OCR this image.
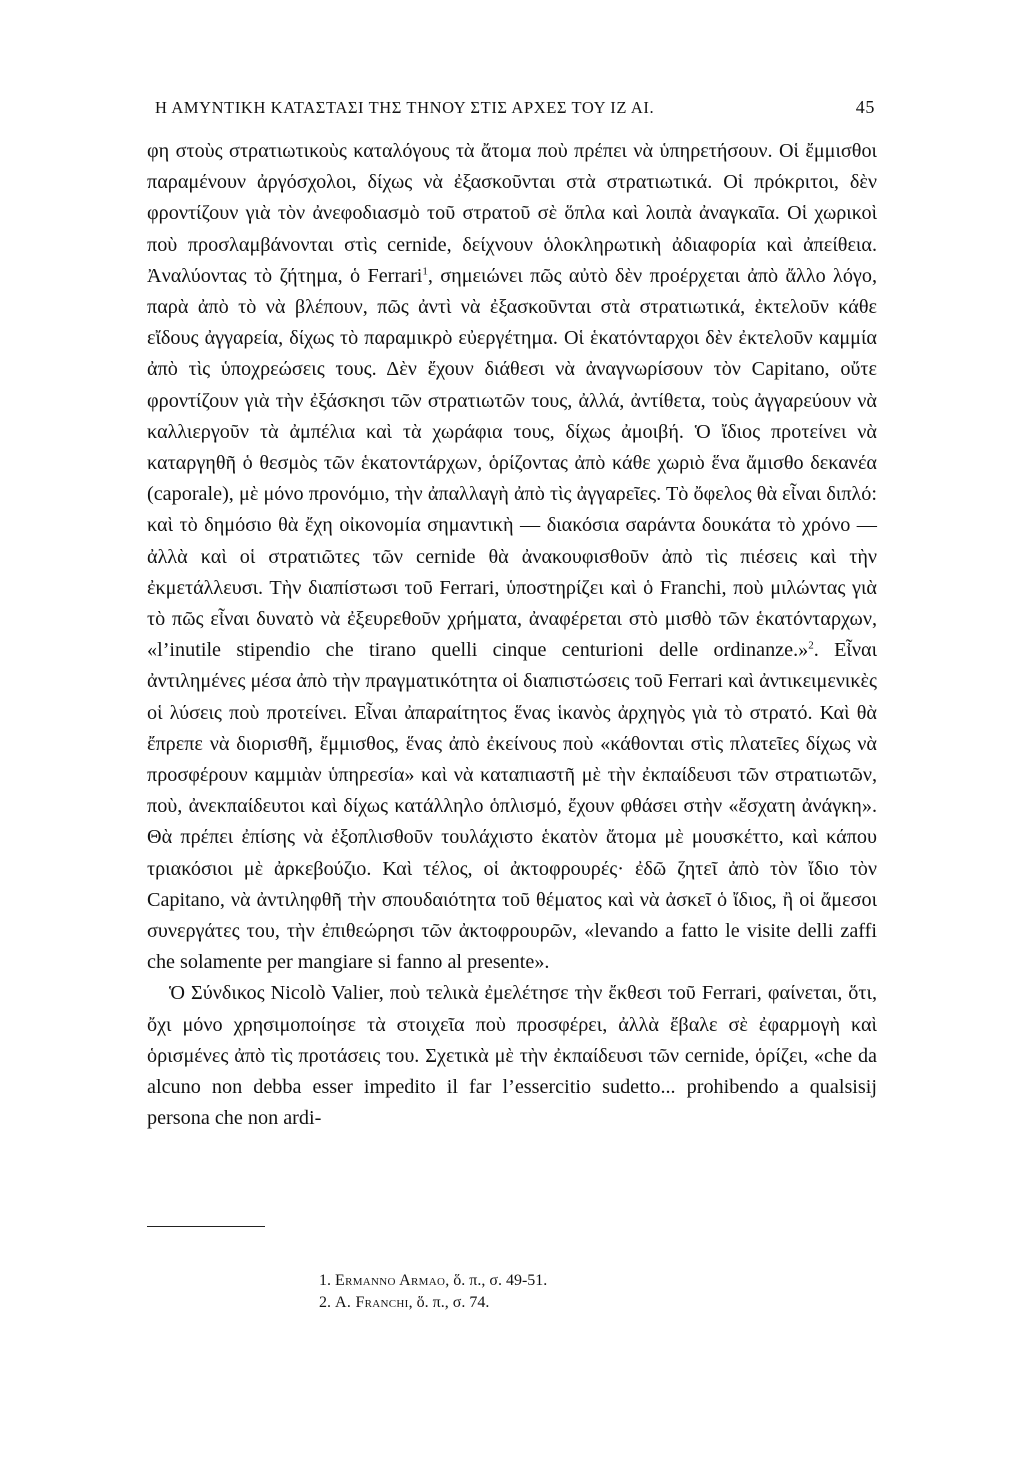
Η ΑΜΥΝΤΙΚΗ ΚΑΤΑΣΤΑΣΙ ΤΗΣ ΤΗΝΟΥ ΣΤΙΣ ΑΡΧΕΣ ΤΟΥ ΙΖ ΑΙ.	45

φη στοὺς στρατιωτικοὺς καταλόγους τὰ ἄτομα ποὺ πρέπει νὰ ὑπηρετήσουν. Οἱ ἔμμισθοι παραμένουν ἀργόσχολοι, δίχως νὰ ἐξασκοῦνται στὰ στρατιωτικά. Οἱ πρόκριτοι, δὲν φροντίζουν γιὰ τὸν ἀνεφοδιασμὸ τοῦ στρατοῦ σὲ ὅπλα καὶ λοιπὰ ἀναγκαῖα. Οἱ χωρικοὶ ποὺ προσλαμβάνονται στὶς cernide, δείχνουν ὁλοκληρωτικὴ ἀδιαφορία καὶ ἀπείθεια. Ἀναλύοντας τὸ ζήτημα, ὁ Ferrari$^1$, σημειώνει πῶς αὐτὸ δὲν προέρχεται ἀπὸ ἄλλο λόγο, παρὰ ἀπὸ τὸ νὰ βλέπουν, πῶς ἀντὶ νὰ ἐξασκοῦνται στὰ στρατιωτικά, ἐκτελοῦν κάθε εἴδους ἀγγαρεία, δίχως τὸ παραμικρὸ εὐεργέτημα. Οἱ ἑκατόνταρχοι δὲν ἐκτελοῦν καμμία ἀπὸ τὶς ὑποχρεώσεις τους. Δὲν ἔχουν διάθεσι νὰ ἀναγνωρίσουν τὸν Capitano, οὔτε φροντίζουν γιὰ τὴν ἐξάσκησι τῶν στρατιωτῶν τους, ἀλλά, ἀντίθετα, τοὺς ἀγγαρεύουν νὰ καλλιεργοῦν τὰ ἀμπέλια καὶ τὰ χωράφια τους, δίχως ἀμοιβή. Ὁ ἴδιος προτείνει νὰ καταργηθῆ ὁ θεσμὸς τῶν ἑκατοντάρχων, ὁρίζοντας ἀπὸ κάθε χωριὸ ἕνα ἄμισθο δεκανέα (caporale), μὲ μόνο προνόμιο, τὴν ἀπαλλαγὴ ἀπὸ τὶς ἀγγαρεῖες. Τὸ ὄφελος θὰ εἶναι διπλό: καὶ τὸ δημόσιο θὰ ἔχη οἰκονομία σημαντικὴ — διακόσια σαράντα δουκάτα τὸ χρόνο — ἀλλὰ καὶ οἱ στρατιῶτες τῶν cernide θὰ ἀνακουφισθοῦν ἀπὸ τὶς πιέσεις καὶ τὴν ἐκμετάλλευσι. Τὴν διαπίστωσι τοῦ Ferrari, ὑποστηρίζει καὶ ὁ Franchi, ποὺ μιλώντας γιὰ τὸ πῶς εἶναι δυνατὸ νὰ ἐξευρεθοῦν χρήματα, ἀναφέρεται στὸ μισθὸ τῶν ἑκατόνταρχων, «l’inutile stipendio che tirano quelli cinque centurioni delle ordinanze.»$^2$. Εἶναι ἀντιλημένες μέσα ἀπὸ τὴν πραγματικότητα οἱ διαπιστώσεις τοῦ Ferrari καὶ ἀντικειμενικὲς οἱ λύσεις ποὺ προτείνει. Εἶναι ἀπαραίτητος ἕνας ἱκανὸς ἀρχηγὸς γιὰ τὸ στρατό. Καὶ θὰ ἔπρεπε νὰ διορισθῆ, ἔμμισθος, ἕνας ἀπὸ ἐκείνους ποὺ «κάθονται στὶς πλατεῖες δίχως νὰ προσφέρουν καμμιὰν ὑπηρεσία» καὶ νὰ καταπιαστῆ μὲ τὴν ἐκπαίδευσι τῶν στρατιωτῶν, ποὺ, ἀνεκπαίδευτοι καὶ δίχως κατάλληλο ὁπλισμό, ἔχουν φθάσει στὴν «ἔσχατη ἀνάγκη». Θὰ πρέπει ἐπίσης νὰ ἐξοπλισθοῦν τουλάχιστο ἑκατὸν ἄτομα μὲ μουσκέττο, καὶ κάπου τριακόσιοι μὲ ἀρκεβούζιο. Καὶ τέλος, οἱ ἀκτοφρουρές· ἐδῶ ζητεῖ ἀπὸ τὸν ἴδιο τὸν Capitano, νὰ ἀντιληφθῆ τὴν σπουδαιότητα τοῦ θέματος καὶ νὰ ἀσκεῖ ὁ ἴδιος, ἢ οἱ ἄμεσοι συνεργάτες του, τὴν ἐπιθεώρησι τῶν ἀκτοφρουρῶν, «levando a fatto le visite delli zaffi che solamente per mangiare si fanno al presente».

Ὁ Σύνδικος Nicolò Valier, ποὺ τελικὰ ἐμελέτησε τὴν ἔκθεσι τοῦ Ferrari, φαίνεται, ὅτι, ὄχι μόνο χρησιμοποίησε τὰ στοιχεῖα ποὺ προσφέρει, ἀλλὰ ἔβαλε σὲ ἐφαρμογὴ καὶ ὁρισμένες ἀπὸ τὶς προτάσεις του. Σχετικὰ μὲ τὴν ἐκπαίδευσι τῶν cernide, ὁρίζει, «che da alcuno non debba esser impedito il far l’essercitio sudetto... prohibendo a qualsisij persona che non ardi-

1. Ermanno Armao, ὅ. π., σ. 49-51.
2. A. Franchi, ὅ. π., σ. 74.
